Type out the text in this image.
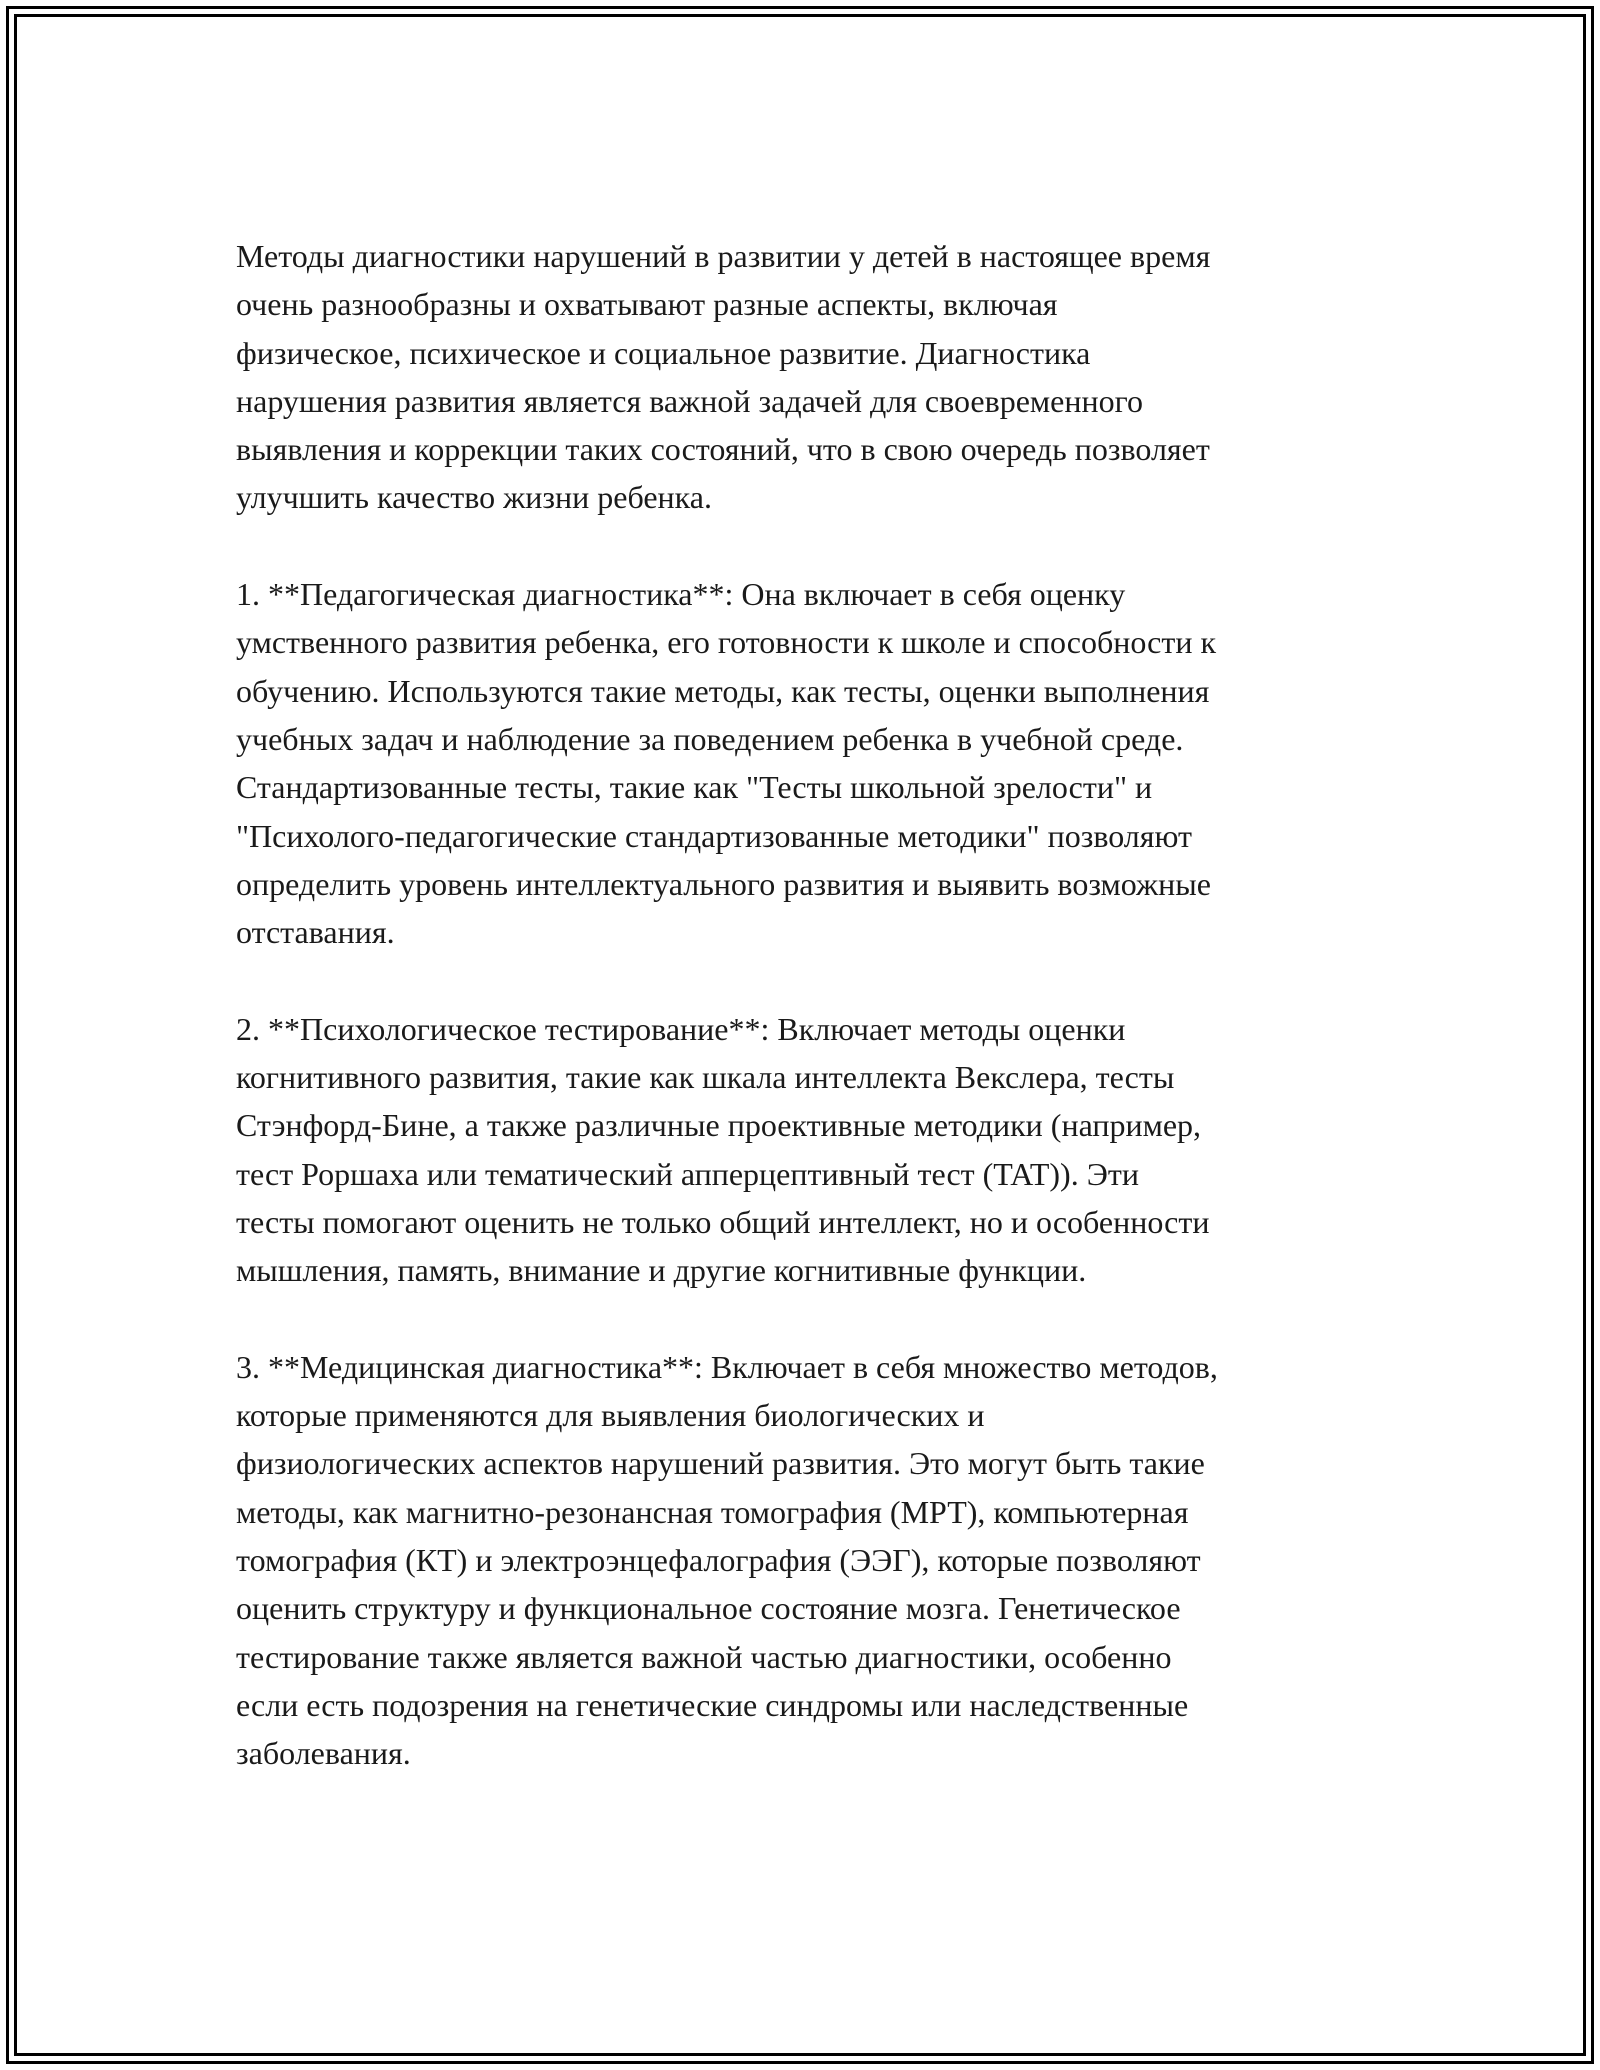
Методы диагностики нарушений в развитии у детей в настоящее время
очень разнообразны и охватывают разные аспекты, включая
физическое, психическое и социальное развитие. Диагностика
нарушения развития является важной задачей для своевременного
выявления и коррекции таких состояний, что в свою очередь позволяет
улучшить качество жизни ребенка.

1. **Педагогическая диагностика**: Она включает в себя оценку
умственного развития ребенка, его готовности к школе и способности к
обучению. Используются такие методы, как тесты, оценки выполнения
учебных задач и наблюдение за поведением ребенка в учебной среде.
Стандартизованные тесты, такие как "Тесты школьной зрелости" и
"Психолого-педагогические стандартизованные методики" позволяют
определить уровень интеллектуального развития и выявить возможные
отставания.

2. **Психологическое тестирование**: Включает методы оценки
когнитивного развития, такие как шкала интеллекта Векслера, тесты
Стэнфорд-Бине, а также различные проективные методики (например,
тест Роршаха или тематический апперцептивный тест (TAT)). Эти
тесты помогают оценить не только общий интеллект, но и особенности
мышления, память, внимание и другие когнитивные функции.

3. **Медицинская диагностика**: Включает в себя множество методов,
которые применяются для выявления биологических и
физиологических аспектов нарушений развития. Это могут быть такие
методы, как магнитно-резонансная томография (МРТ), компьютерная
томография (КТ) и электроэнцефалография (ЭЭГ), которые позволяют
оценить структуру и функциональное состояние мозга. Генетическое
тестирование также является важной частью диагностики, особенно
если есть подозрения на генетические синдромы или наследственные
заболевания.
